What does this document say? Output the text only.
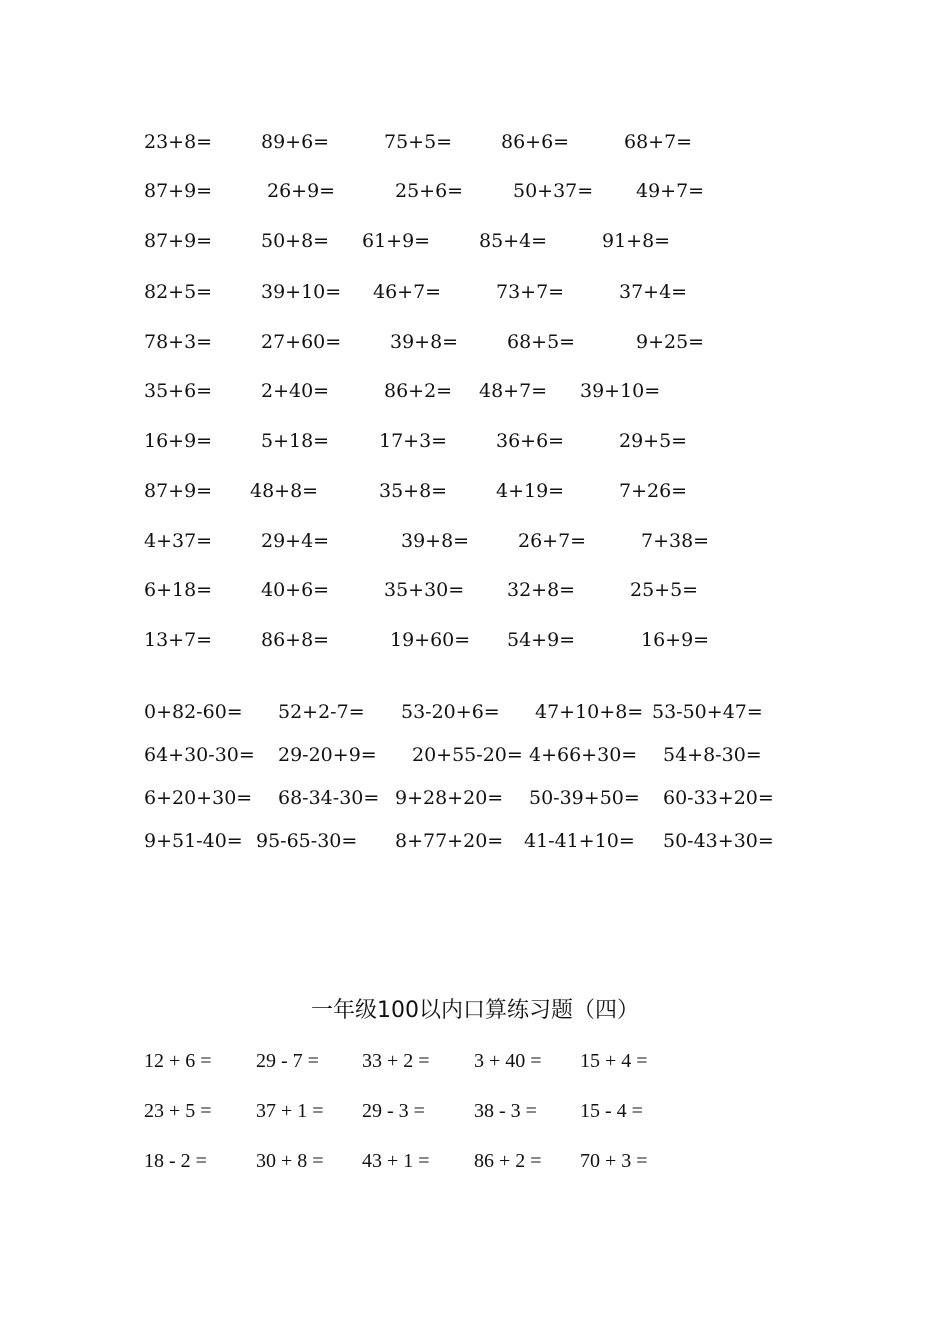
23+8=	89+6=	75+5=	86+6=	68+7=
87+9=	26+9=	25+6=	50+37= 49+7=
87+9=	50+8= 61+9=	85+4=	91+8=
82+5=	39+10= 46+7=	73+7=	37+4=
78+3=	27+60=	39+8=	68+5=	9+25=
35+6=	2+40=	86+2= 48+7= 39+10=
16+9=	5+18=	17+3=	36+6=	29+5=
87+9= 48+8=	35+8=	4+19=	7+26=
4+37=	29+4=	39+8=	26+7=	7+38=
6+18=	40+6=	35+30= 32+8=	25+5=
13+7=	86+8=	19+60= 54+9=	16+9=
0+82-60= 52+2-7= 53-20+6= 47+10+8= 53-50+47=
64+30-30= 29-20+9= 20+55-20= 4+66+30= 54+8-30=
6+20+30= 68-34-30= 9+28+20= 50-39+50= 60-33+20=
9+51-40= 95-65-30= 8+77+20= 41-41+10= 50-43+30=
一年级100以内口算练习题（四）
12 + 6 = 29 - 7 = 33 + 2 = 3 + 40 = 15 + 4 =
23 + 5 = 37 + 1 = 29 - 3 = 38 - 3 = 15 - 4 =
18 - 2 = 30 + 8 = 43 + 1 = 86 + 2 = 70 + 3 =
